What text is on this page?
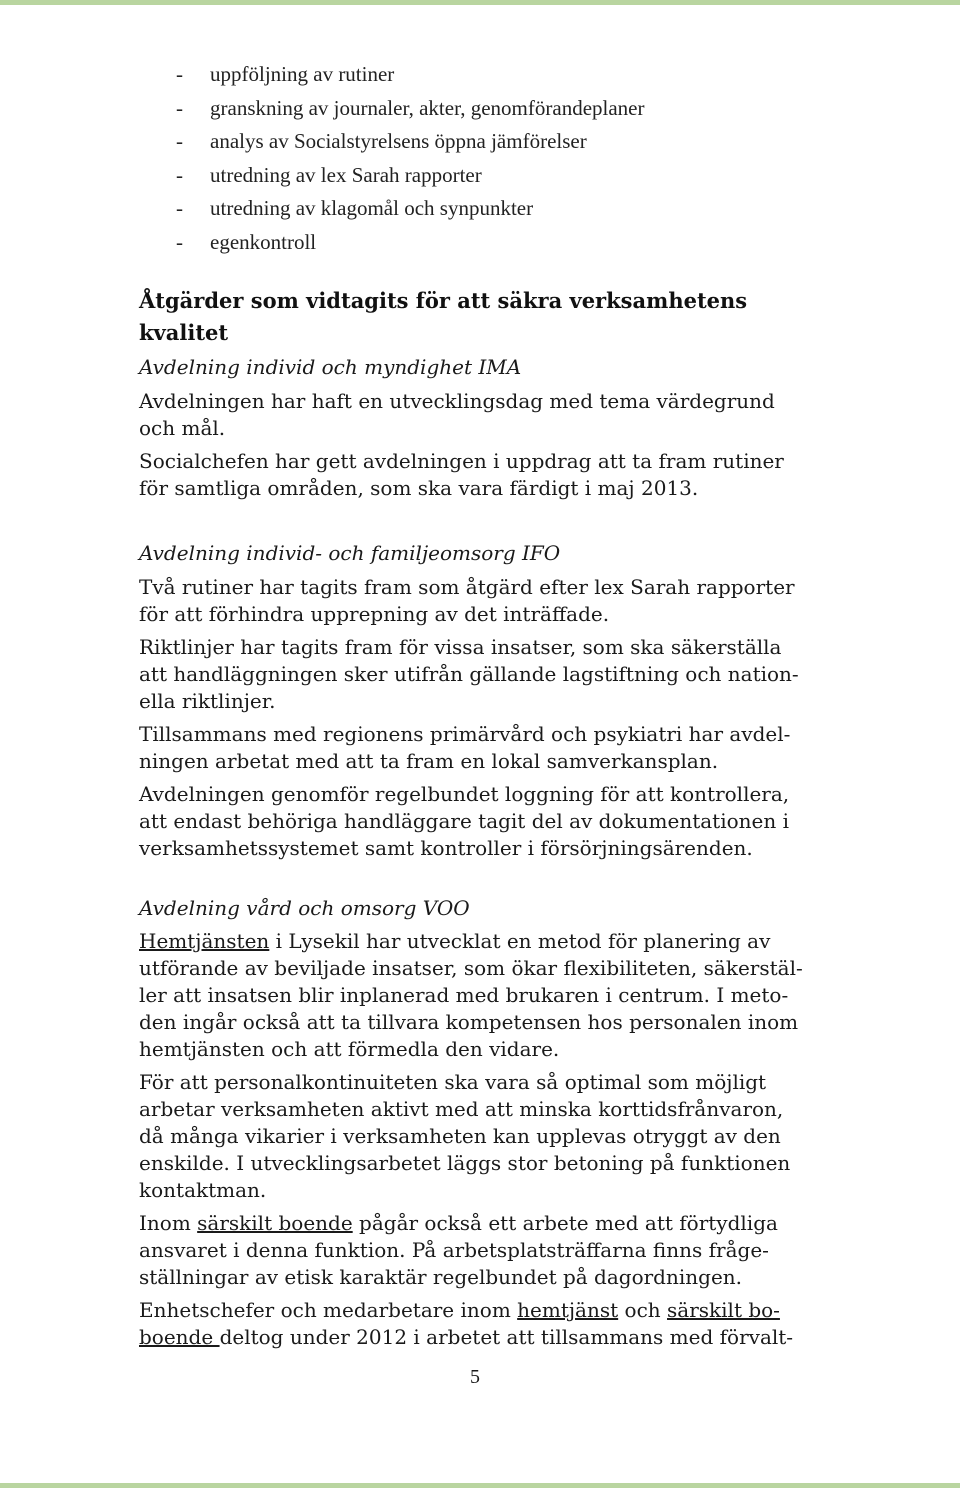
- uppföljning av rutiner
- granskning av journaler, akter, genomförandeplaner
- analys av Socialstyrelsens öppna jämförelser
- utredning av lex Sarah rapporter
- utredning av klagomål och synpunkter
- egenkontroll
Åtgärder som vidtagits för att säkra verksamhetens
kvalitet
Avdelning individ och myndighet IMA
Avdelningen har haft en utvecklingsdag med tema värdegrund
och mål.
Socialchefen har gett avdelningen i uppdrag att ta fram rutiner
för samtliga områden, som ska vara färdigt i maj 2013.
Avdelning individ- och familjeomsorg IFO
Två rutiner har tagits fram som åtgärd efter lex Sarah rapporter
för att förhindra upprepning av det inträffade.
Riktlinjer har tagits fram för vissa insatser, som ska säkerställa
att handläggningen sker utifrån gällande lagstiftning och nation-
ella riktlinjer.
Tillsammans med regionens primärvård och psykiatri har avdel-
ningen arbetat med att ta fram en lokal samverkansplan.
Avdelningen genomför regelbundet loggning för att kontrollera,
att endast behöriga handläggare tagit del av dokumentationen i
verksamhetssystemet samt kontroller i försörjningsärenden.
Avdelning vård och omsorg VOO
Hemtjänsten i Lysekil har utvecklat en metod för planering av
utförande av beviljade insatser, som ökar flexibiliteten, säkerstäl-
ler att insatsen blir inplanerad med brukaren i centrum. I meto-
den ingår också att ta tillvara kompetensen hos personalen inom
hemtjänsten och att förmedla den vidare.
För att personalkontinuiteten ska vara så optimal som möjligt
arbetar verksamheten aktivt med att minska korttidsfrånvaron,
då många vikarier i verksamheten kan upplevas otryggt av den
enskilde. I utvecklingsarbetet läggs stor betoning på funktionen
kontaktman.
Inom särskilt boende pågår också ett arbete med att förtydliga
ansvaret i denna funktion. På arbetsplatsträffarna finns fråge-
ställningar av etisk karaktär regelbundet på dagordningen.
Enhetschefer och medarbetare inom hemtjänst och särskilt bo-
boende deltog under 2012 i arbetet att tillsammans med förvalt-
5
